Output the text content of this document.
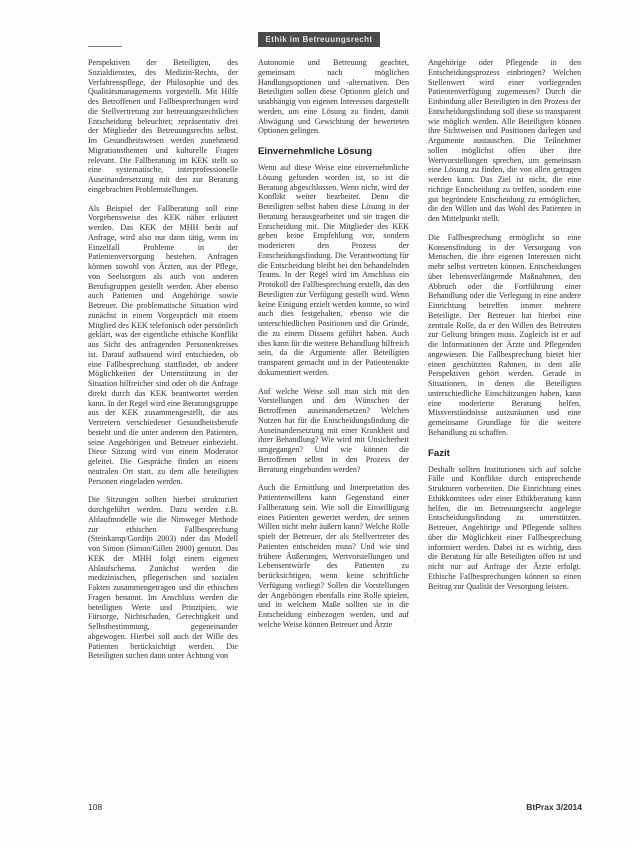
Ethik im Betreuungsrecht

Perspektiven der Beteiligten, des Sozialdienstes, des Medizin-Rechts, der Verfahrenspflege, der Philosophie und des Qualitätsmanagements vorgestellt. Mit Hilfe des Betroffenen und Fallbesprechungen wird die Stellvertretung zur betreuungsrechtlichen Entscheidung beleuchtet; repräsentativ drei der Mitglieder des Betreuungsrechts selbst. Im Gesundheitswesen werden zunehmend Migrationsthemen und kulturelle Fragen relevant. Die Fallberatung im KEK stellt so eine systematische, interprofessionelle Auseinandersetzung mit den zur Beratung eingebrachten Problemstellungen.

Als Beispiel der Fallberatung soll eine Vorgehensweise des KEK näher erläutert werden. Das KEK der MHH berät auf Anfrage, wird also nur dann tätig, wenn im Einzelfall Probleme in der Patientenversorgung bestehen. Anfragen können sowohl von Ärzten, aus der Pflege, von Seelsorgern als auch von anderen Berufsgruppen gestellt werden. Aber ebenso auch Patienten und Angehörige sowie Betreuer. Die problematische Situation wird zunächst in einem Vorgespräch mit einem Mitglied des KEK telefonisch oder persönlich geklärt, was der eigentliche ethische Konflikt aus Sicht des anfragenden Personenkreises ist. Darauf aufbauend wird entschieden, ob eine Fallbesprechung stattfindet, ob andere Möglichkeiten der Unterstützung in der Situation hilfreicher sind oder ob die Anfrage direkt durch das KEK beantwortet werden kann. In der Regel wird eine Beratungsgruppe aus der KEK zusammengestellt, die aus Vertretern verschiedener Gesundheitsberufe besteht und die unter anderem den Patienten, seine Angehörigen und Betreuer einbezieht. Diese Sitzung wird von einem Moderator geleitet. Die Gespräche finden an einem neutralen Ort statt, zu dem alle beteiligten Personen eingeladen werden.

Die Sitzungen sollten hierbei strukturiert durchgeführt werden. Dazu werden z.B. Ablaufmodelle wie die Nimweger Methode zur ethischen Fallbesprechung (Steinkamp/Gordijn 2003) oder das Modell von Simon (Simon/Gillen 2000) genutzt. Das KEK der MHH folgt einem eigenen Ablaufschema. Zunächst werden die medizinischen, pflegerischen und sozialen Fakten zusammengetragen und die ethischen Fragen benannt. Im Anschluss werden die beteiligten Werte und Prinzipien, wie Fürsorge, Nichtschaden, Gerechtigkeit und Selbstbestimmung, gegeneinander abgewogen. Hierbei soll auch der Wille des Patienten berücksichtigt werden. Die Beteiligten suchen dann unter Achtung von

Autonomie und Betreuung geachtet, gemeinsam nach möglichen Handlungsoptionen und -alternativen. Den Beteiligten sollen diese Optionen gleich und unabhängig von eigenen Interessen dargestellt werden, um eine Lösung zu finden, damit Abwägung und Gewichtung der bewerteten Optionen gelingen.

Einvernehmliche Lösung

Wenn auf diese Weise eine einvernehmliche Lösung gefunden worden ist, so ist die Beratung abgeschlossen. Wenn nicht, wird der Konflikt weiter bearbeitet. Denn die Beteiligten selbst haben diese Lösung in der Beratung herausgearbeitet und sie tragen die Entscheidung mit. Die Mitglieder des KEK geben keine Empfehlung vor, sondern moderieren den Prozess der Entscheidungsfindung. Die Verantwortung für die Entscheidung bleibt bei den behandelnden Teams. In der Regel wird im Anschluss ein Protokoll der Fallbesprechung erstellt, das den Beteiligten zur Verfügung gestellt wird. Wenn keine Einigung erzielt werden konnte, so wird auch dies festgehalten, ebenso wie die unterschiedlichen Positionen und die Gründe, die zu einem Dissens geführt haben. Auch dies kann für die weitere Behandlung hilfreich sein, da die Argumente aller Beteiligten transparent gemacht und in der Patientenakte dokumentiert werden.

Auf welche Weise soll man sich mit den Vorstellungen und den Wünschen der Betroffenen auseinandersetzen? Welchen Nutzen hat für die Entscheidungsfindung die Auseinandersetzung mit einer Krankheit und ihrer Behandlung? Wie wird mit Unsicherheit umgegangen? Und wie können die Betroffenen selbst in den Prozess der Beratung eingebunden werden?

Auch die Ermittlung und Interpretation des Patientenwillens kann Gegenstand einer Fallberatung sein. Wie soll die Einwilligung eines Patienten gewertet werden, der seinen Willen nicht mehr äußern kann? Welche Rolle spielt der Betreuer, der als Stellvertreter des Patienten entscheiden muss? Und wie sind frühere Äußerungen, Wertvorstellungen und Lebensentwürfe des Patienten zu berücksichtigen, wenn keine schriftliche Verfügung vorliegt? Sollen die Vorstellungen der Angehörigen ebenfalls eine Rolle spielen, und in welchem Maße sollten sie in die Entscheidung einbezogen werden, und auf welche Weise können Betreuer und Ärzte

Angehörige oder Pflegende in den Entscheidungsprozess einbringen? Welchen Stellenwert wird einer vorliegenden Patientenverfügung zugemessen? Durch die Einbindung aller Beteiligten in den Prozess der Entscheidungsfindung soll diese so transparent wie möglich werden. Alle Beteiligten können ihre Sichtweisen und Positionen darlegen und Argumente austauschen. Die Teilnehmer sollen möglichst offen über ihre Wertvorstellungen sprechen, um gemeinsam eine Lösung zu finden, die von allen getragen werden kann. Das Ziel ist nicht, die eine richtige Entscheidung zu treffen, sondern eine gut begründete Entscheidung zu ermöglichen, die den Willen und das Wohl des Patienten in den Mittelpunkt stellt.

Die Fallbesprechung ermöglicht so eine Konsensfindung in der Versorgung von Menschen, die ihre eigenen Interessen nicht mehr selbst vertreten können. Entscheidungen über lebensverlängernde Maßnahmen, den Abbruch oder die Fortführung einer Behandlung oder die Verlegung in eine andere Einrichtung betreffen immer mehrere Beteiligte. Der Betreuer hat hierbei eine zentrale Rolle, da er den Willen des Betreuten zur Geltung bringen muss. Zugleich ist er auf die Informationen der Ärzte und Pflegenden angewiesen. Die Fallbesprechung bietet hier einen geschützten Rahmen, in dem alle Perspektiven gehört werden. Gerade in Situationen, in denen die Beteiligten unterschiedliche Einschätzungen haben, kann eine moderierte Beratung helfen, Missverständnisse auszuräumen und eine gemeinsame Grundlage für die weitere Behandlung zu schaffen.

Fazit

Deshalb sollten Institutionen sich auf solche Fälle und Konflikte durch entsprechende Strukturen vorbereiten. Die Einrichtung eines Ethikkomitees oder einer Ethikberatung kann helfen, die im Betreuungsrecht angelegte Entscheidungsfindung zu unterstützen. Betreuer, Angehörige und Pflegende sollten über die Möglichkeit einer Fallbesprechung informiert werden. Dabei ist es wichtig, dass die Beratung für alle Beteiligten offen ist und nicht nur auf Anfrage der Ärzte erfolgt. Ethische Fallbesprechungen können so einen Beitrag zur Qualität der Versorgung leisten.

108	BtPrax 3/2014
